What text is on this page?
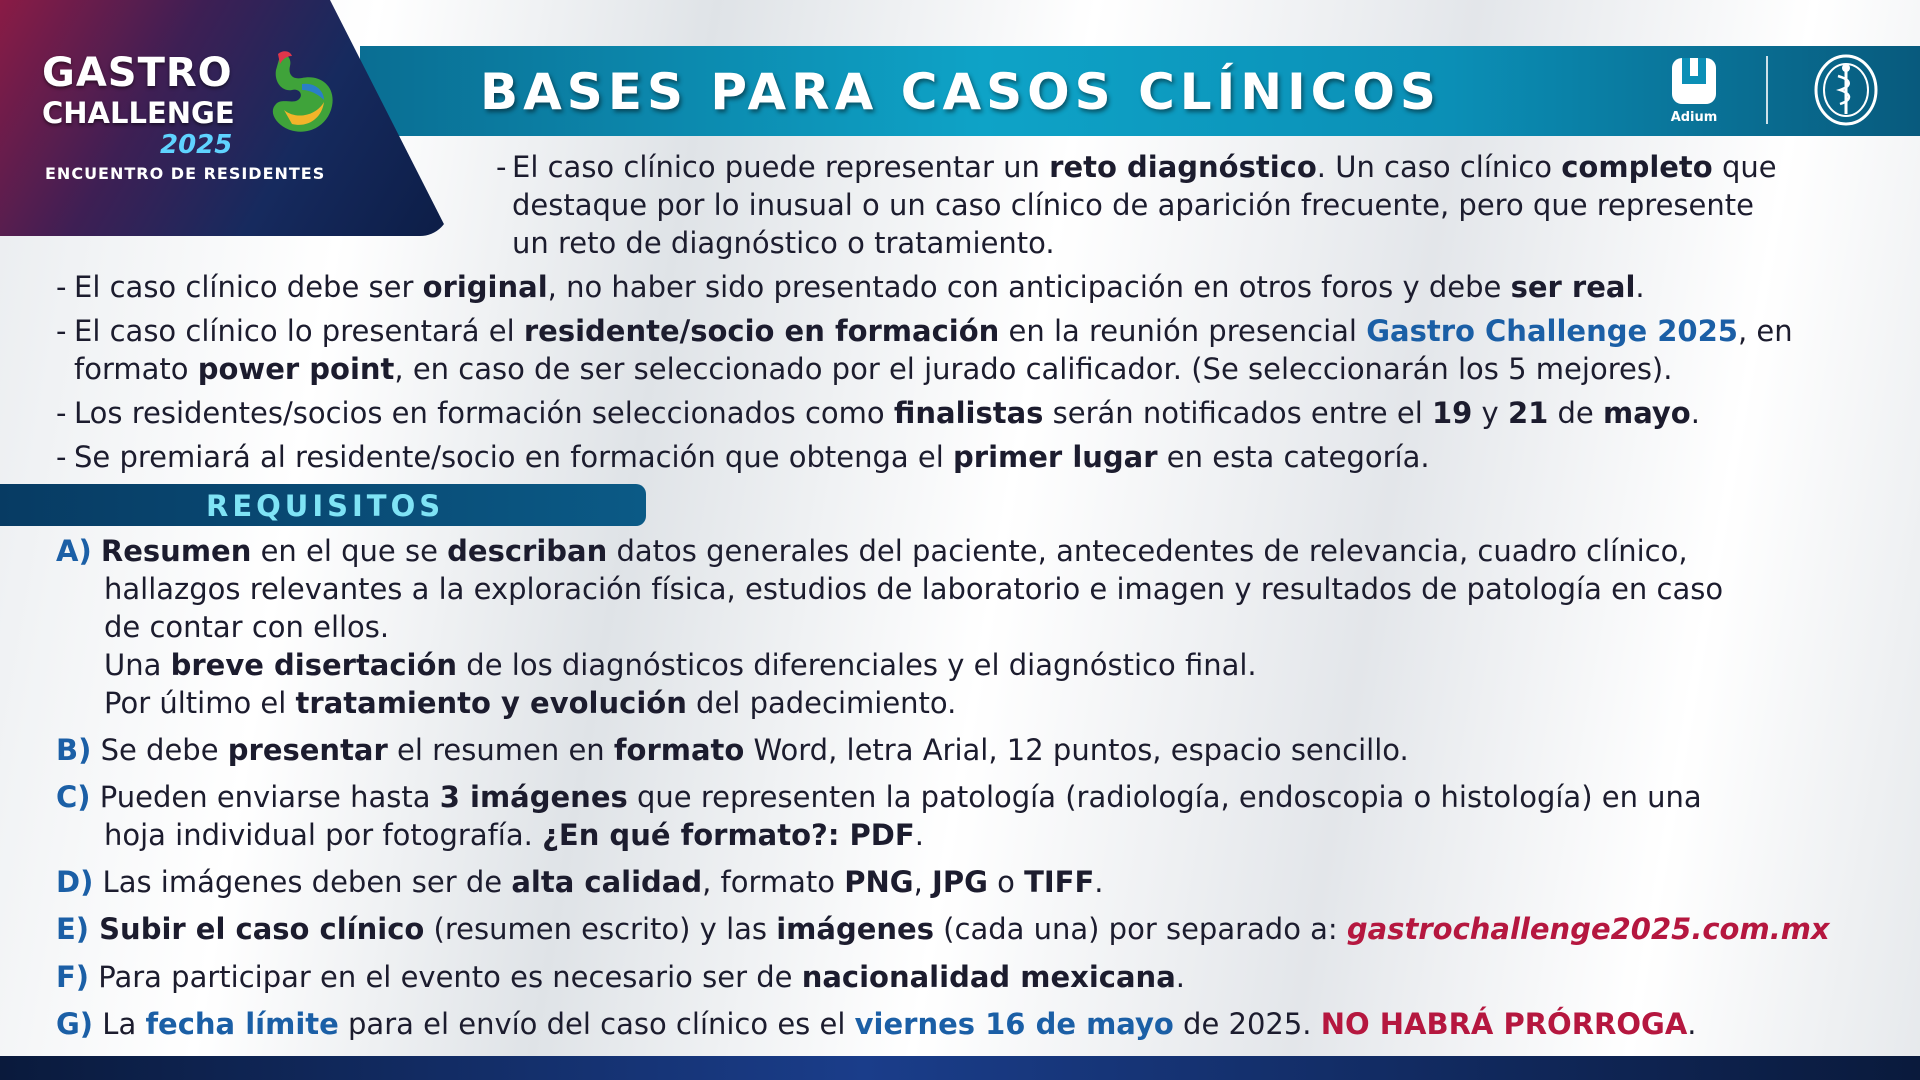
BASES PARA CASOS CLÍNICOS
GASTRO
CHALLENGE
2025
ENCUENTRO DE RESIDENTES
Adium
- El caso clínico puede representar un reto diagnóstico. Un caso clínico completo que
destaque por lo inusual o un caso clínico de aparición frecuente, pero que represente
un reto de diagnóstico o tratamiento.
- El caso clínico debe ser original, no haber sido presentado con anticipación en otros foros y debe ser real.
- El caso clínico lo presentará el residente/socio en formación en la reunión presencial Gastro Challenge 2025, en
formato power point, en caso de ser seleccionado por el jurado calificador. (Se seleccionarán los 5 mejores).
- Los residentes/socios en formación seleccionados como finalistas serán notificados entre el 19 y 21 de mayo.
- Se premiará al residente/socio en formación que obtenga el primer lugar en esta categoría.
REQUISITOS
A) Resumen en el que se describan datos generales del paciente, antecedentes de relevancia, cuadro clínico,
hallazgos relevantes a la exploración física, estudios de laboratorio e imagen y resultados de patología en caso
de contar con ellos.
Una breve disertación de los diagnósticos diferenciales y el diagnóstico final.
Por último el tratamiento y evolución del padecimiento.
B) Se debe presentar el resumen en formato Word, letra Arial, 12 puntos, espacio sencillo.
C) Pueden enviarse hasta 3 imágenes que representen la patología (radiología, endoscopia o histología) en una
hoja individual por fotografía. ¿En qué formato?: PDF.
D) Las imágenes deben ser de alta calidad, formato PNG, JPG o TIFF.
E) Subir el caso clínico (resumen escrito) y las imágenes (cada una) por separado a: gastrochallenge2025.com.mx
F) Para participar en el evento es necesario ser de nacionalidad mexicana.
G) La fecha límite para el envío del caso clínico es el viernes 16 de mayo de 2025. NO HABRÁ PRÓRROGA.
